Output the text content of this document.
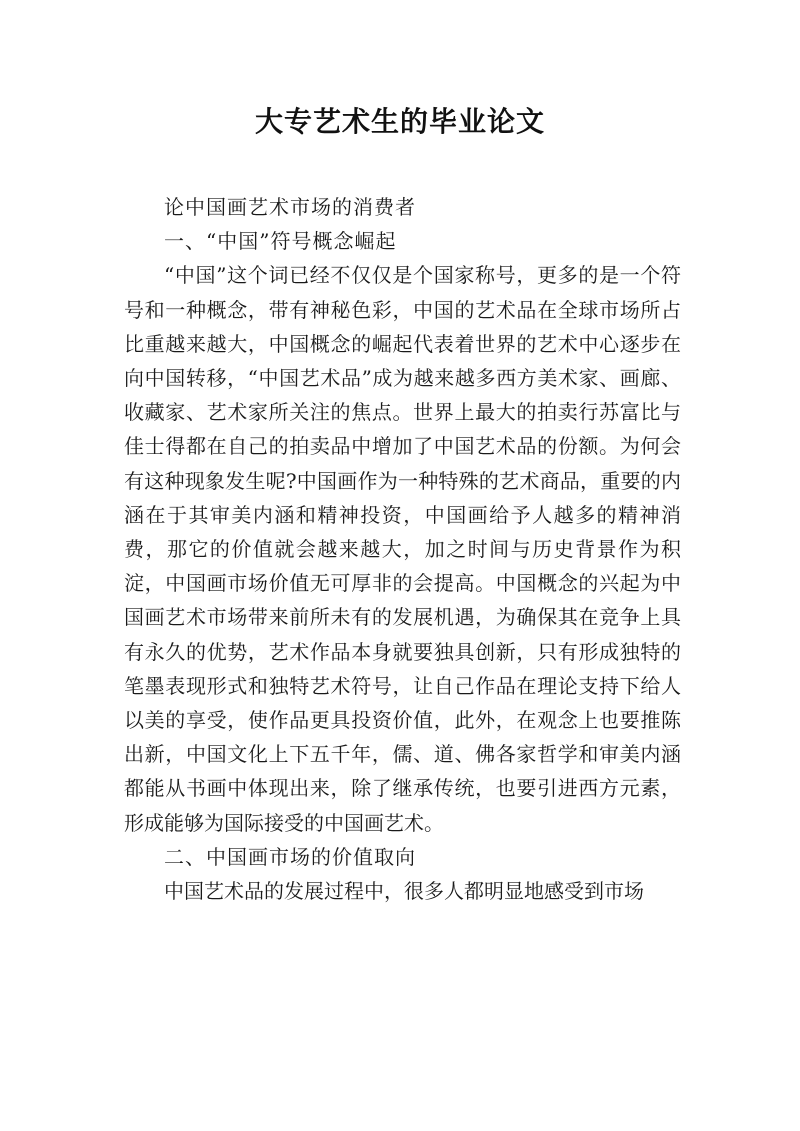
大专艺术生的毕业论文

论中国画艺术市场的消费者

一、“中国”符号概念崛起

“中国”这个词已经不仅仅是个国家称号，更多的是一个符号和一种概念，带有神秘色彩，中国的艺术品在全球市场所占比重越来越大，中国概念的崛起代表着世界的艺术中心逐步在向中国转移，“中国艺术品”成为越来越多西方美术家、画廊、收藏家、艺术家所关注的焦点。世界上最大的拍卖行苏富比与佳士得都在自己的拍卖品中增加了中国艺术品的份额。为何会有这种现象发生呢?中国画作为一种特殊的艺术商品，重要的内涵在于其审美内涵和精神投资，中国画给予人越多的精神消费，那它的价值就会越来越大，加之时间与历史背景作为积淀，中国画市场价值无可厚非的会提高。中国概念的兴起为中国画艺术市场带来前所未有的发展机遇，为确保其在竞争上具有永久的优势，艺术作品本身就要独具创新，只有形成独特的笔墨表现形式和独特艺术符号，让自己作品在理论支持下给人以美的享受，使作品更具投资价值，此外，在观念上也要推陈出新，中国文化上下五千年，儒、道、佛各家哲学和审美内涵都能从书画中体现出来，除了继承传统，也要引进西方元素，形成能够为国际接受的中国画艺术。

二、中国画市场的价值取向

中国艺术品的发展过程中，很多人都明显地感受到市场
